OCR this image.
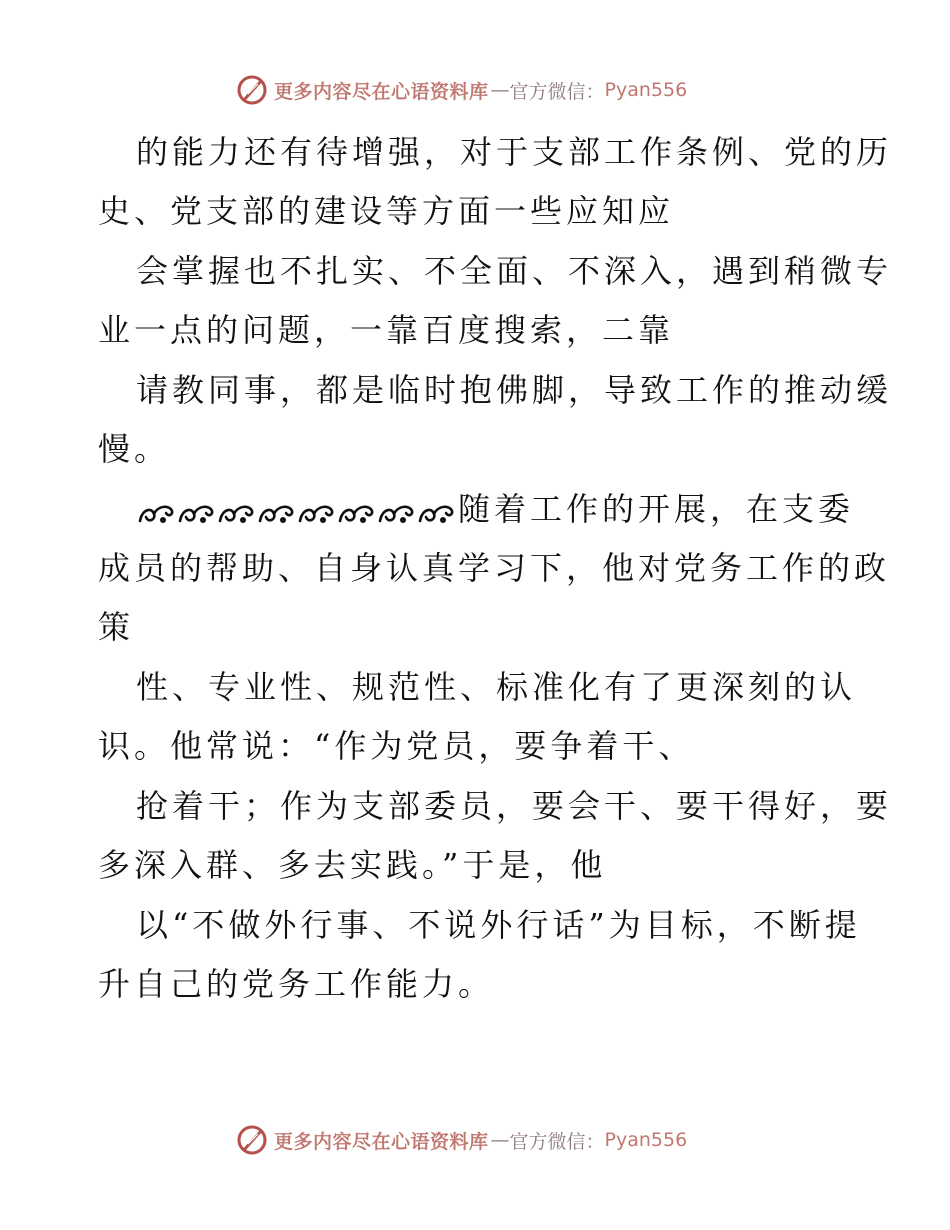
更多内容尽在心语资料库 — 官方微信： Pyan556
的能力还有待增强，对于支部工作条例、党的历
史、党支部的建设等方面一些应知应
会掌握也不扎实、不全面、不深入，遇到稍微专
业一点的问题，一靠百度搜索，二靠
请教同事，都是临时抱佛脚，导致工作的推动缓
慢。
随着工作的开展，在支委
成员的帮助、自身认真学习下，他对党务工作的政
策
性、专业性、规范性、标准化有了更深刻的认
识。他常说：“作为党员，要争着干、
抢着干；作为支部委员，要会干、要干得好，要
多深入群、多去实践。”于是，他
以“不做外行事、不说外行话”为目标，不断提
升自己的党务工作能力。
更多内容尽在心语资料库 — 官方微信： Pyan556
